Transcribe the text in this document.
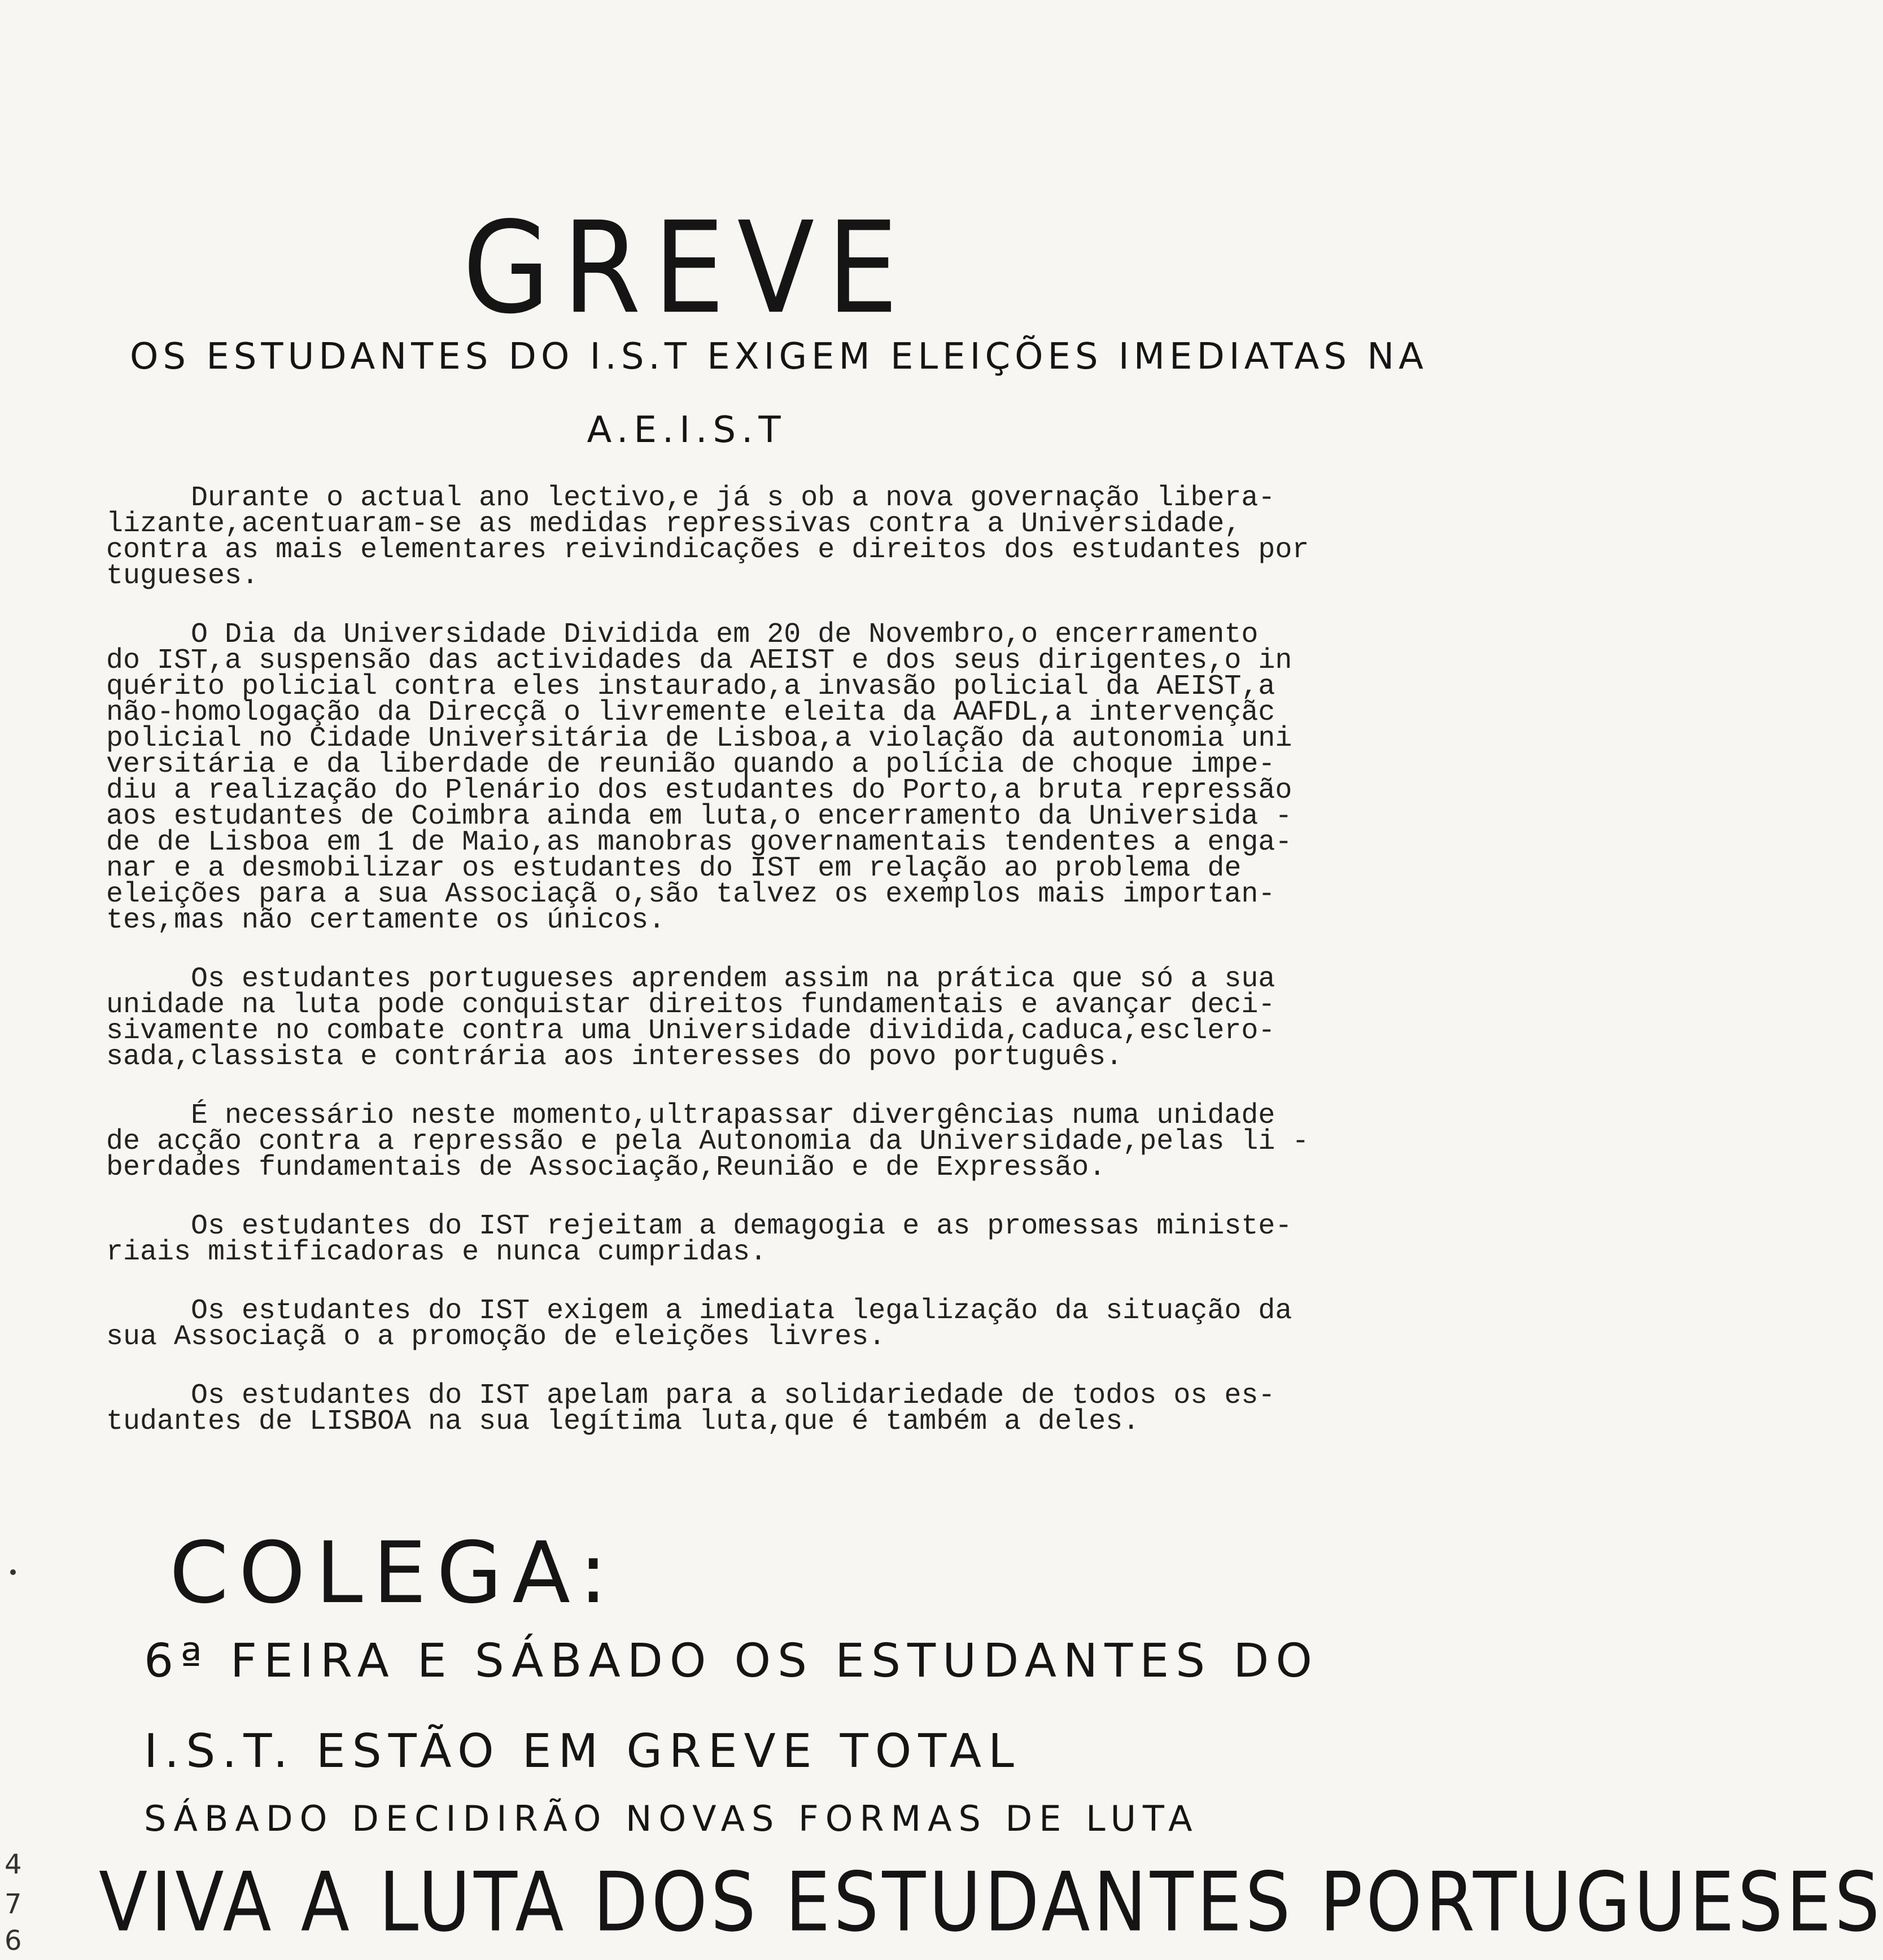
GREVE
OS ESTUDANTES DO I.S.T EXIGEM ELEIÇÕES IMEDIATAS NA
A.E.I.S.T

Durante o actual ano lectivo,e já s ob a nova governação libera-
lizante,acentuaram-se as medidas repressivas contra a Universidade,
contra as mais elementares reivindicações e direitos dos estudantes por
tugueses.

O Dia da Universidade Dividida em 20 de Novembro,o encerramento
do IST,a suspensão das actividades da AEIST e dos seus dirigentes,o in
quérito policial contra eles instaurado,a invasão policial da AEIST,a
não-homologação da Direcçã o livremente eleita da AAFDL,a intervençãc
policial no Cidade Universitária de Lisboa,a violação da autonomia uni
versitária e da liberdade de reunião quando a polícia de choque impe-
diu a realização do Plenário dos estudantes do Porto,a bruta repressão
aos estudantes de Coimbra ainda em luta,o encerramento da Universida -
de de Lisboa em 1 de Maio,as manobras governamentais tendentes a enga-
nar e a desmobilizar os estudantes do IST em relação ao problema de
eleições para a sua Associaçã o,são talvez os exemplos mais importan-
tes,mas não certamente os únicos.

Os estudantes portugueses aprendem assim na prática que só a sua
unidade na luta pode conquistar direitos fundamentais e avançar deci-
sivamente no combate contra uma Universidade dividida,caduca,esclero-
sada,classista e contrária aos interesses do povo português.

É necessário neste momento,ultrapassar divergências numa unidade
de acção contra a repressão e pela Autonomia da Universidade,pelas li -
berdades fundamentais de Associação,Reunião e de Expressão.

Os estudantes do IST rejeitam a demagogia e as promessas ministe-
riais mistificadoras e nunca cumpridas.

Os estudantes do IST exigem a imediata legalização da situação da
sua Associaçã o a promoção de eleições livres.

Os estudantes do IST apelam para a solidariedade de todos os es-
tudantes de LISBOA na sua legítima luta,que é também a deles.

COLEGA:
6ª FEIRA E SÁBADO OS ESTUDANTES DO
I.S.T. ESTÃO EM GREVE TOTAL
SÁBADO DECIDIRÃO NOVAS FORMAS DE LUTA
VIVA A LUTA DOS ESTUDANTES PORTUGUESES
4
7
6
